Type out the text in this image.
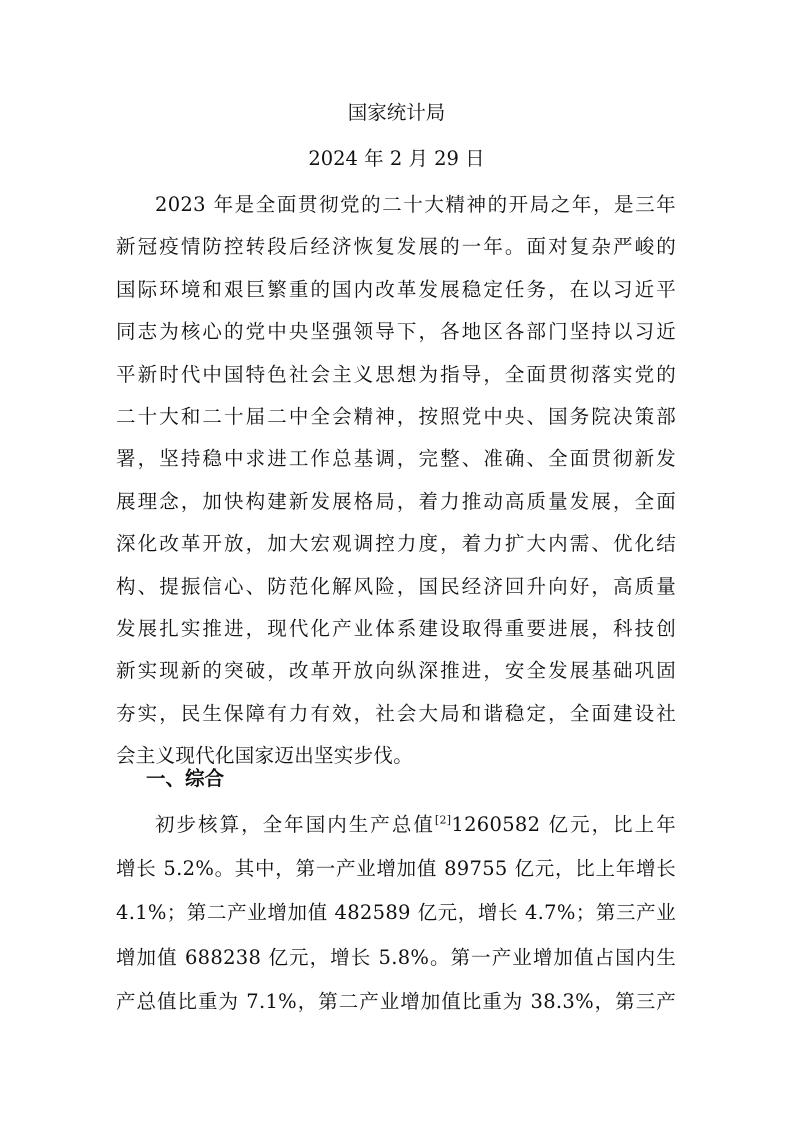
国家统计局
2024 年 2 月 29 日
2023 年是全面贯彻党的二十大精神的开局之年，是三年
新冠疫情防控转段后经济恢复发展的一年。面对复杂严峻的
国际环境和艰巨繁重的国内改革发展稳定任务，在以习近平
同志为核心的党中央坚强领导下，各地区各部门坚持以习近
平新时代中国特色社会主义思想为指导，全面贯彻落实党的
二十大和二十届二中全会精神，按照党中央、国务院决策部
署，坚持稳中求进工作总基调，完整、准确、全面贯彻新发
展理念，加快构建新发展格局，着力推动高质量发展，全面
深化改革开放，加大宏观调控力度，着力扩大内需、优化结
构、提振信心、防范化解风险，国民经济回升向好，高质量
发展扎实推进，现代化产业体系建设取得重要进展，科技创
新实现新的突破，改革开放向纵深推进，安全发展基础巩固
夯实，民生保障有力有效，社会大局和谐稳定，全面建设社
会主义现代化国家迈出坚实步伐。
一、综合
初步核算，全年国内生产总值[2]1260582 亿元，比上年
增长 5.2%。其中，第一产业增加值 89755 亿元，比上年增长
4.1%；第二产业增加值 482589 亿元，增长 4.7%；第三产业
增加值 688238 亿元，增长 5.8%。第一产业增加值占国内生
产总值比重为 7.1%，第二产业增加值比重为 38.3%，第三产
